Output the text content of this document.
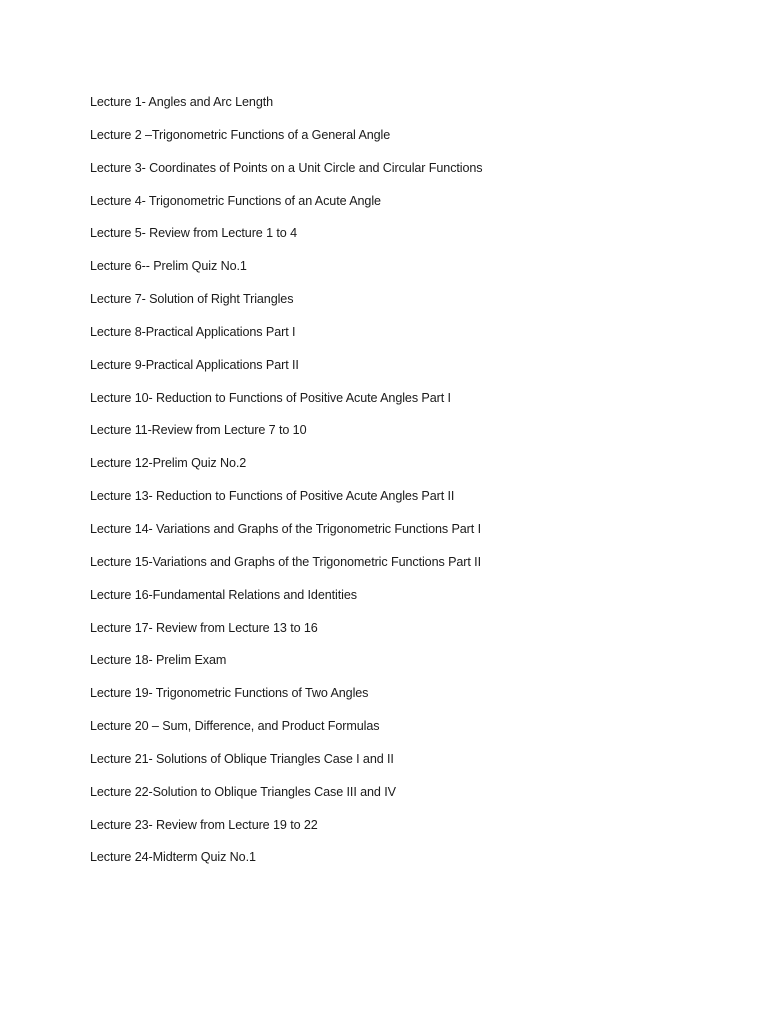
Lecture 1- Angles and Arc Length
Lecture 2 –Trigonometric Functions of a General Angle
Lecture 3- Coordinates of Points on a Unit Circle and Circular Functions
Lecture 4- Trigonometric Functions of an Acute Angle
Lecture 5- Review from Lecture 1 to 4
Lecture 6-- Prelim Quiz No.1
Lecture 7- Solution of Right Triangles
Lecture 8-Practical Applications Part I
Lecture 9-Practical Applications Part II
Lecture 10- Reduction to Functions of Positive Acute Angles Part I
Lecture 11-Review from Lecture 7 to 10
Lecture 12-Prelim Quiz No.2
Lecture 13- Reduction to Functions of Positive Acute Angles Part II
Lecture 14- Variations and Graphs of the Trigonometric Functions Part I
Lecture 15-Variations and Graphs of the Trigonometric Functions Part II
Lecture 16-Fundamental Relations and Identities
Lecture 17- Review from Lecture 13 to 16
Lecture 18- Prelim Exam
Lecture 19- Trigonometric Functions of Two Angles
Lecture 20 – Sum, Difference, and Product Formulas
Lecture 21- Solutions of Oblique Triangles Case I and II
Lecture 22-Solution to Oblique Triangles Case III and IV
Lecture 23- Review from Lecture 19 to 22
Lecture 24-Midterm Quiz No.1
